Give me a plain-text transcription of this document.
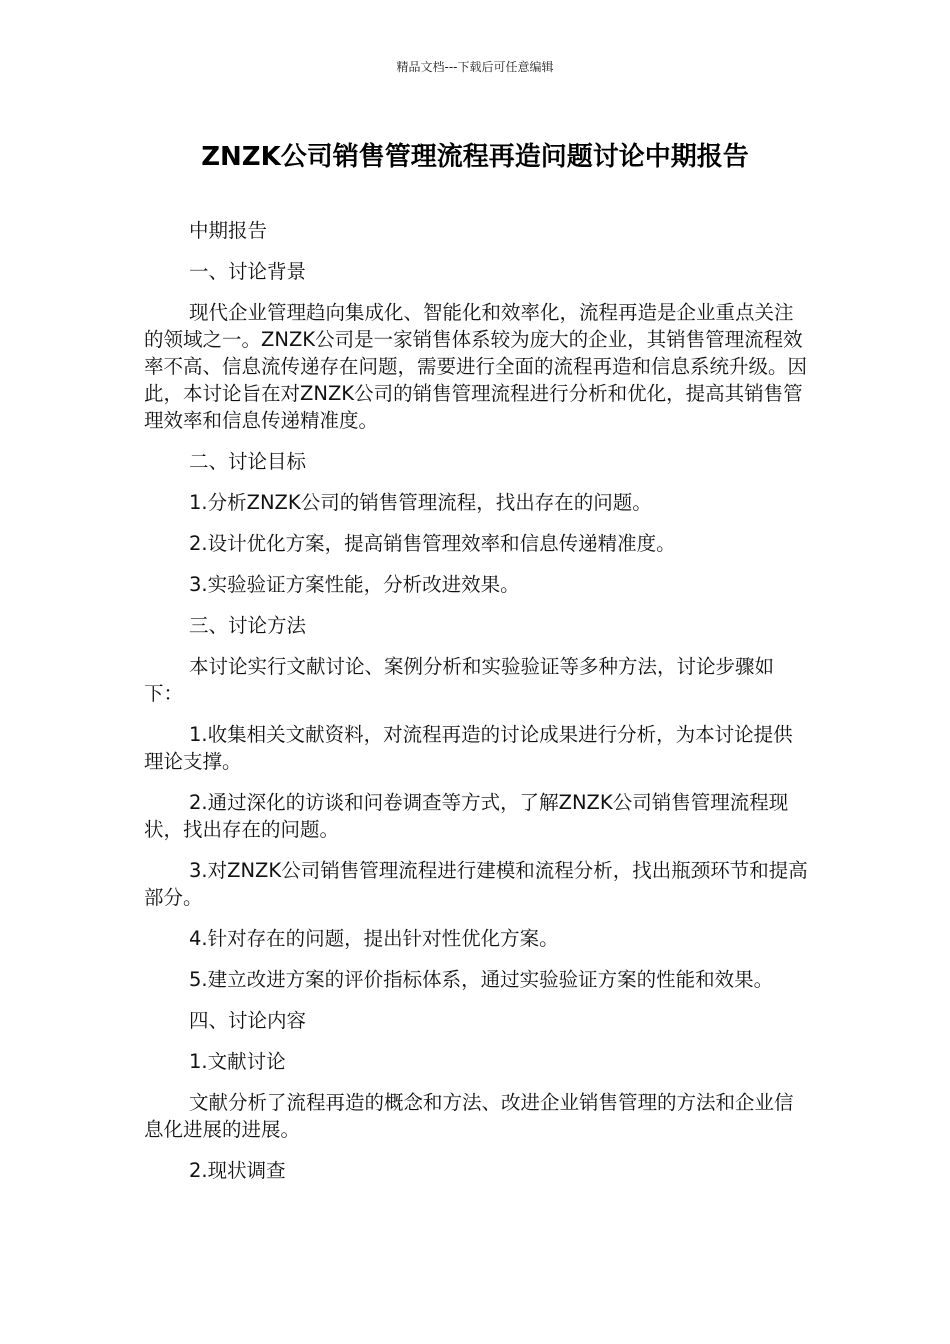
精品文档---下载后可任意编辑
ZNZK公司销售管理流程再造问题讨论中期报告

中期报告

一、讨论背景

现代企业管理趋向集成化、智能化和效率化，流程再造是企业重点关注的领域之一。ZNZK公司是一家销售体系较为庞大的企业，其销售管理流程效率不高、信息流传递存在问题，需要进行全面的流程再造和信息系统升级。因此，本讨论旨在对ZNZK公司的销售管理流程进行分析和优化，提高其销售管理效率和信息传递精准度。

二、讨论目标

1.分析ZNZK公司的销售管理流程，找出存在的问题。

2.设计优化方案，提高销售管理效率和信息传递精准度。

3.实验验证方案性能，分析改进效果。

三、讨论方法

本讨论实行文献讨论、案例分析和实验验证等多种方法，讨论步骤如下：

1.收集相关文献资料，对流程再造的讨论成果进行分析，为本讨论提供理论支撑。

2.通过深化的访谈和问卷调查等方式，了解ZNZK公司销售管理流程现状，找出存在的问题。

3.对ZNZK公司销售管理流程进行建模和流程分析，找出瓶颈环节和提高部分。

4.针对存在的问题，提出针对性优化方案。

5.建立改进方案的评价指标体系，通过实验验证方案的性能和效果。

四、讨论内容

1.文献讨论

文献分析了流程再造的概念和方法、改进企业销售管理的方法和企业信息化进展的进展。

2.现状调查
